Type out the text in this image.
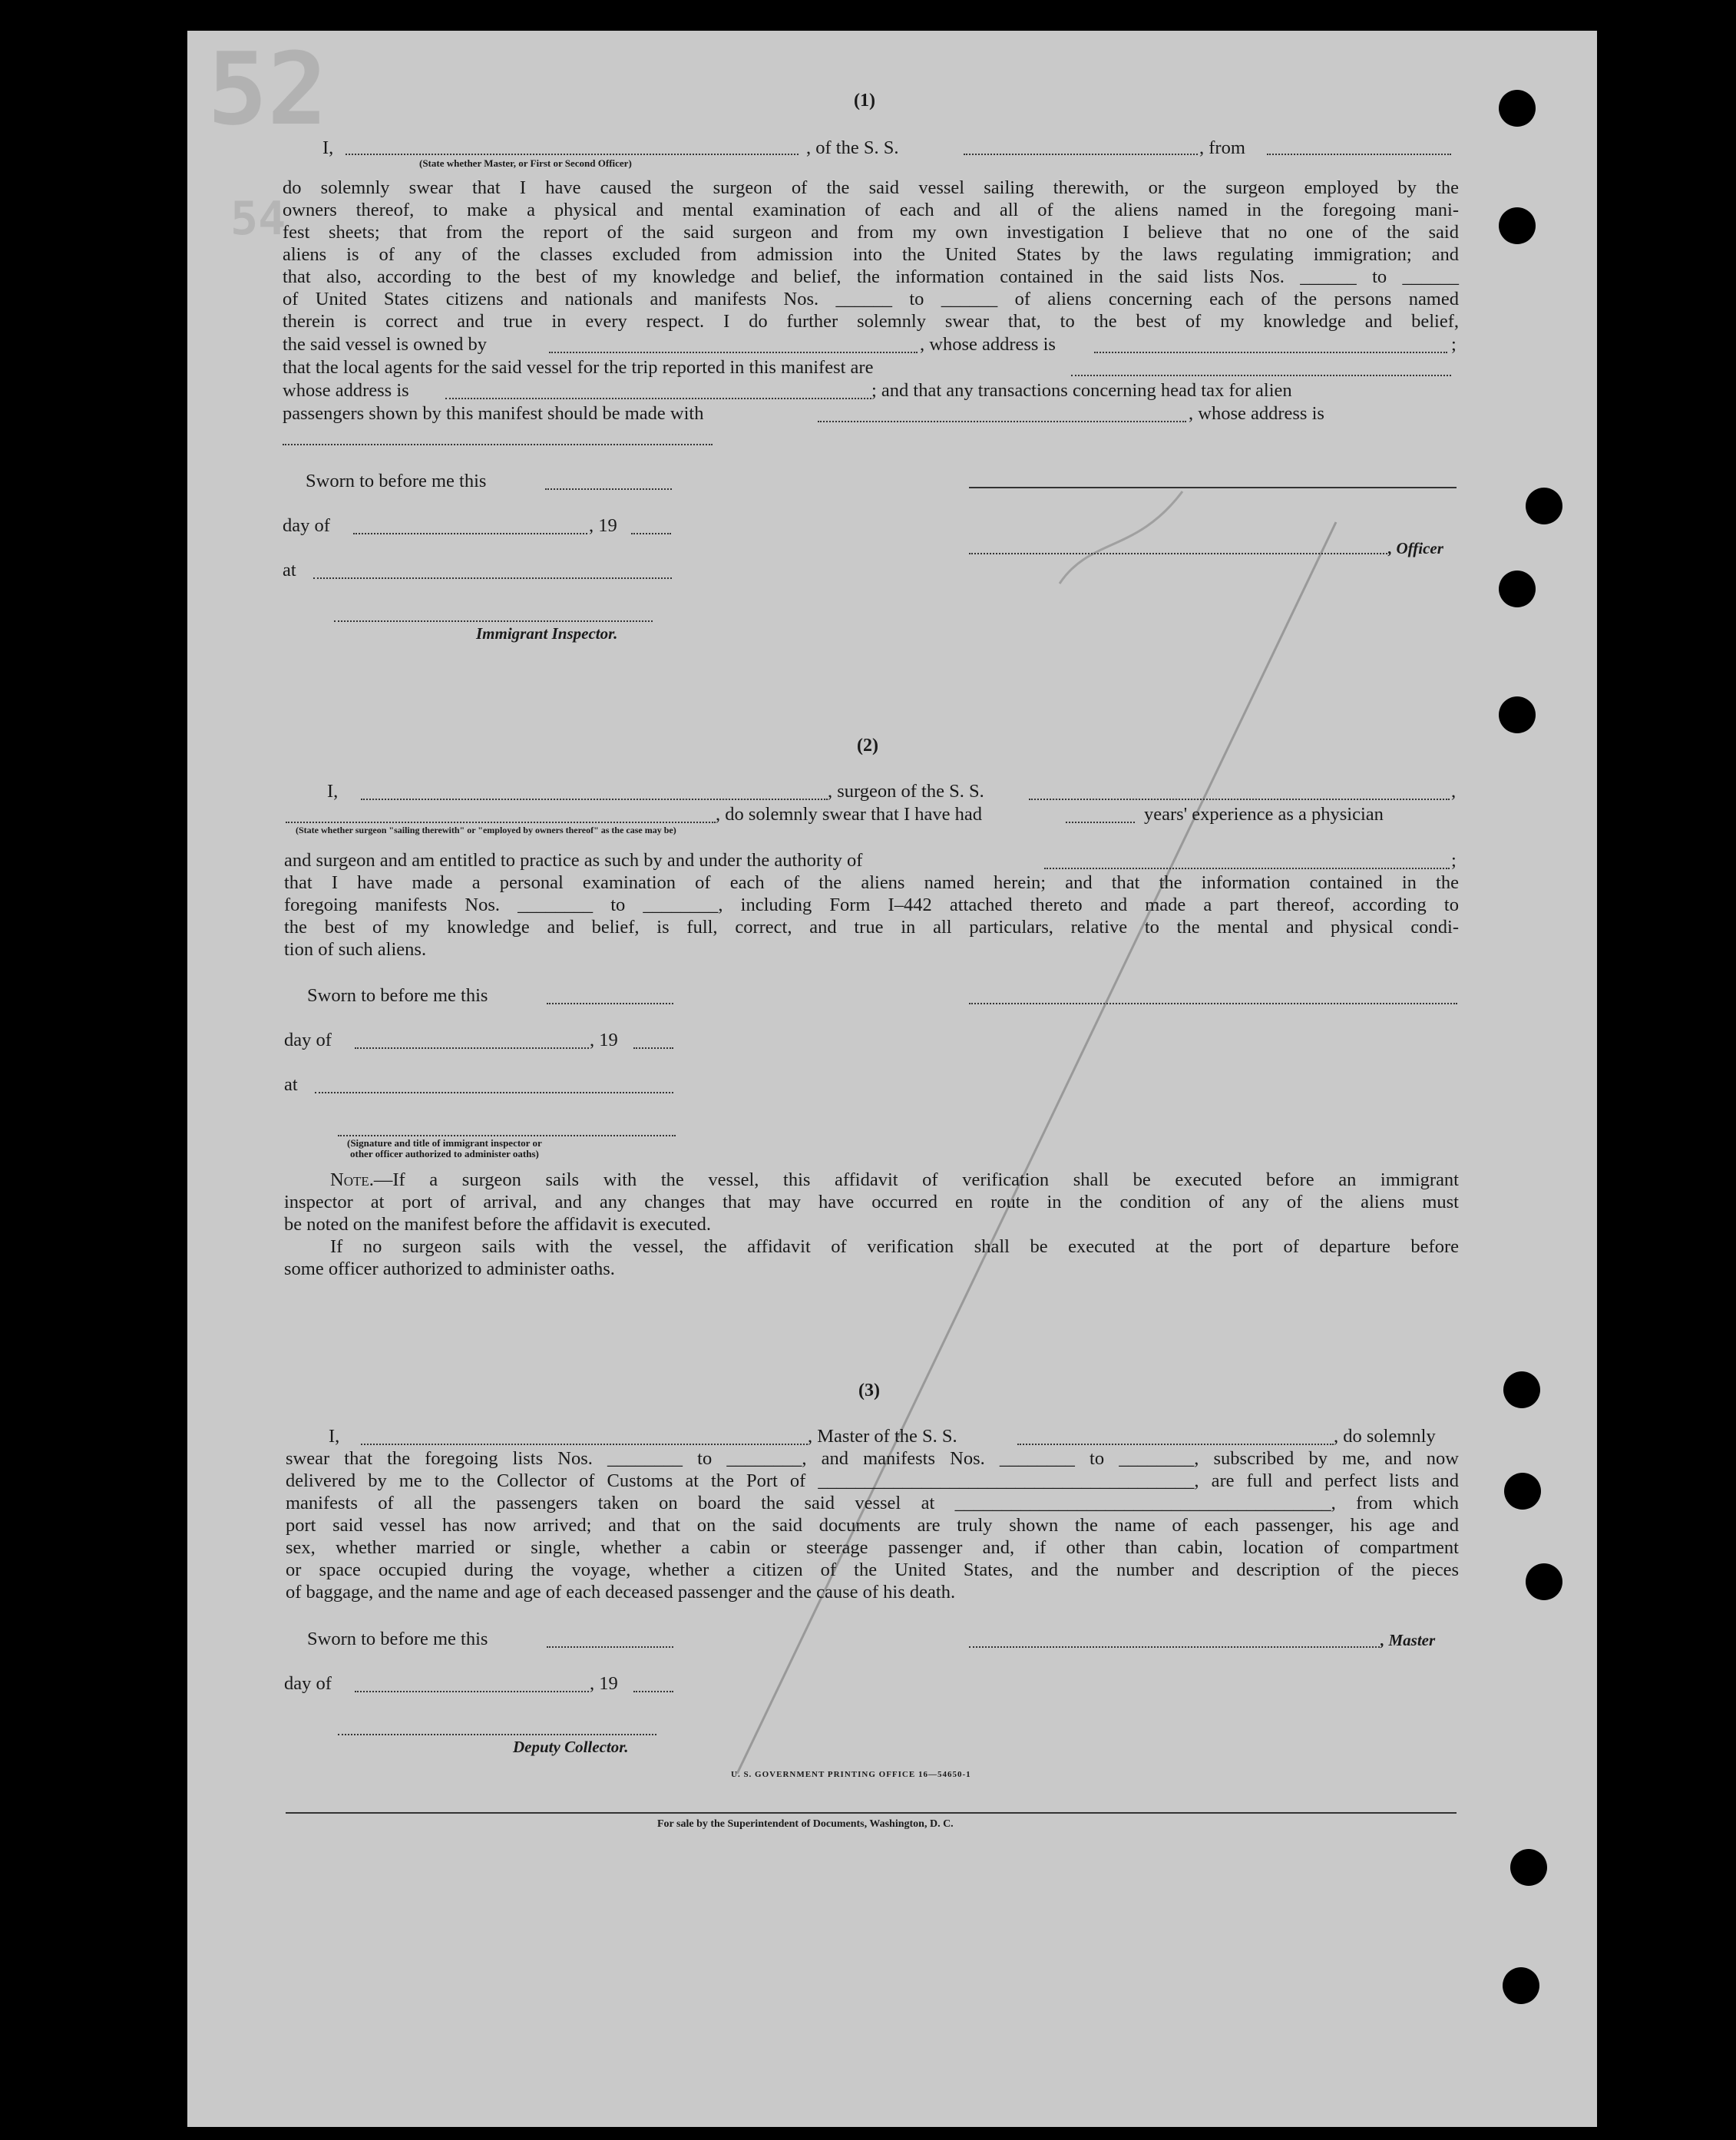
52
54
(1)
I,	, of the S. S.	, from
(State whether Master, or First or Second Officer)
do solemnly swear that I have caused the surgeon of the said vessel sailing therewith, or the surgeon employed by the
owners thereof, to make a physical and mental examination of each and all of the aliens named in the foregoing mani-
fest sheets; that from the report of the said surgeon and from my own investigation I believe that no one of the said
aliens is of any of the classes excluded from admission into the United States by the laws regulating immigration; and
that also, according to the best of my knowledge and belief, the information contained in the said lists Nos. ______ to ______
of United States citizens and nationals and manifests Nos. ______ to ______ of aliens concerning each of the persons named
therein is correct and true in every respect. I do further solemnly swear that, to the best of my knowledge and belief,
the said vessel is owned by	, whose address is	;
that the local agents for the said vessel for the trip reported in this manifest are
whose address is	; and that any transactions concerning head tax for alien
passengers shown by this manifest should be made with	, whose address is
Sworn to before me this
day of	, 19
, Officer
at
Immigrant Inspector.
(2)
I,	, surgeon of the S. S.	,
, do solemnly swear that I have had	years' experience as a physician
(State whether surgeon "sailing therewith" or "employed by owners thereof" as the case may be)
and surgeon and am entitled to practice as such by and under the authority of	;
that I have made a personal examination of each of the aliens named herein; and that the information contained in the
foregoing manifests Nos. ________ to ________, including Form I–442 attached thereto and made a part thereof, according to
the best of my knowledge and belief, is full, correct, and true in all particulars, relative to the mental and physical condi-
tion of such aliens.
Sworn to before me this
day of	, 19
at
(Signature and title of immigrant inspector or
other officer authorized to administer oaths)
Note.—If a surgeon sails with the vessel, this affidavit of verification shall be executed before an immigrant
inspector at port of arrival, and any changes that may have occurred en route in the condition of any of the aliens must
be noted on the manifest before the affidavit is executed.
If no surgeon sails with the vessel, the affidavit of verification shall be executed at the port of departure before
some officer authorized to administer oaths.
(3)
I,	, Master of the S. S.	, do solemnly
swear that the foregoing lists Nos. ________ to ________, and manifests Nos. ________ to ________, subscribed by me, and now
delivered by me to the Collector of Customs at the Port of ________________________________________, are full and perfect lists and
manifests of all the passengers taken on board the said vessel at ________________________________________, from which
port said vessel has now arrived; and that on the said documents are truly shown the name of each passenger, his age and
sex, whether married or single, whether a cabin or steerage passenger and, if other than cabin, location of compartment
or space occupied during the voyage, whether a citizen of the United States, and the number and description of the pieces
of baggage, and the name and age of each deceased passenger and the cause of his death.
Sworn to before me this	, Master
day of	, 19
Deputy Collector.
U. S. GOVERNMENT PRINTING OFFICE 16—54650-1
For sale by the Superintendent of Documents, Washington, D. C.
